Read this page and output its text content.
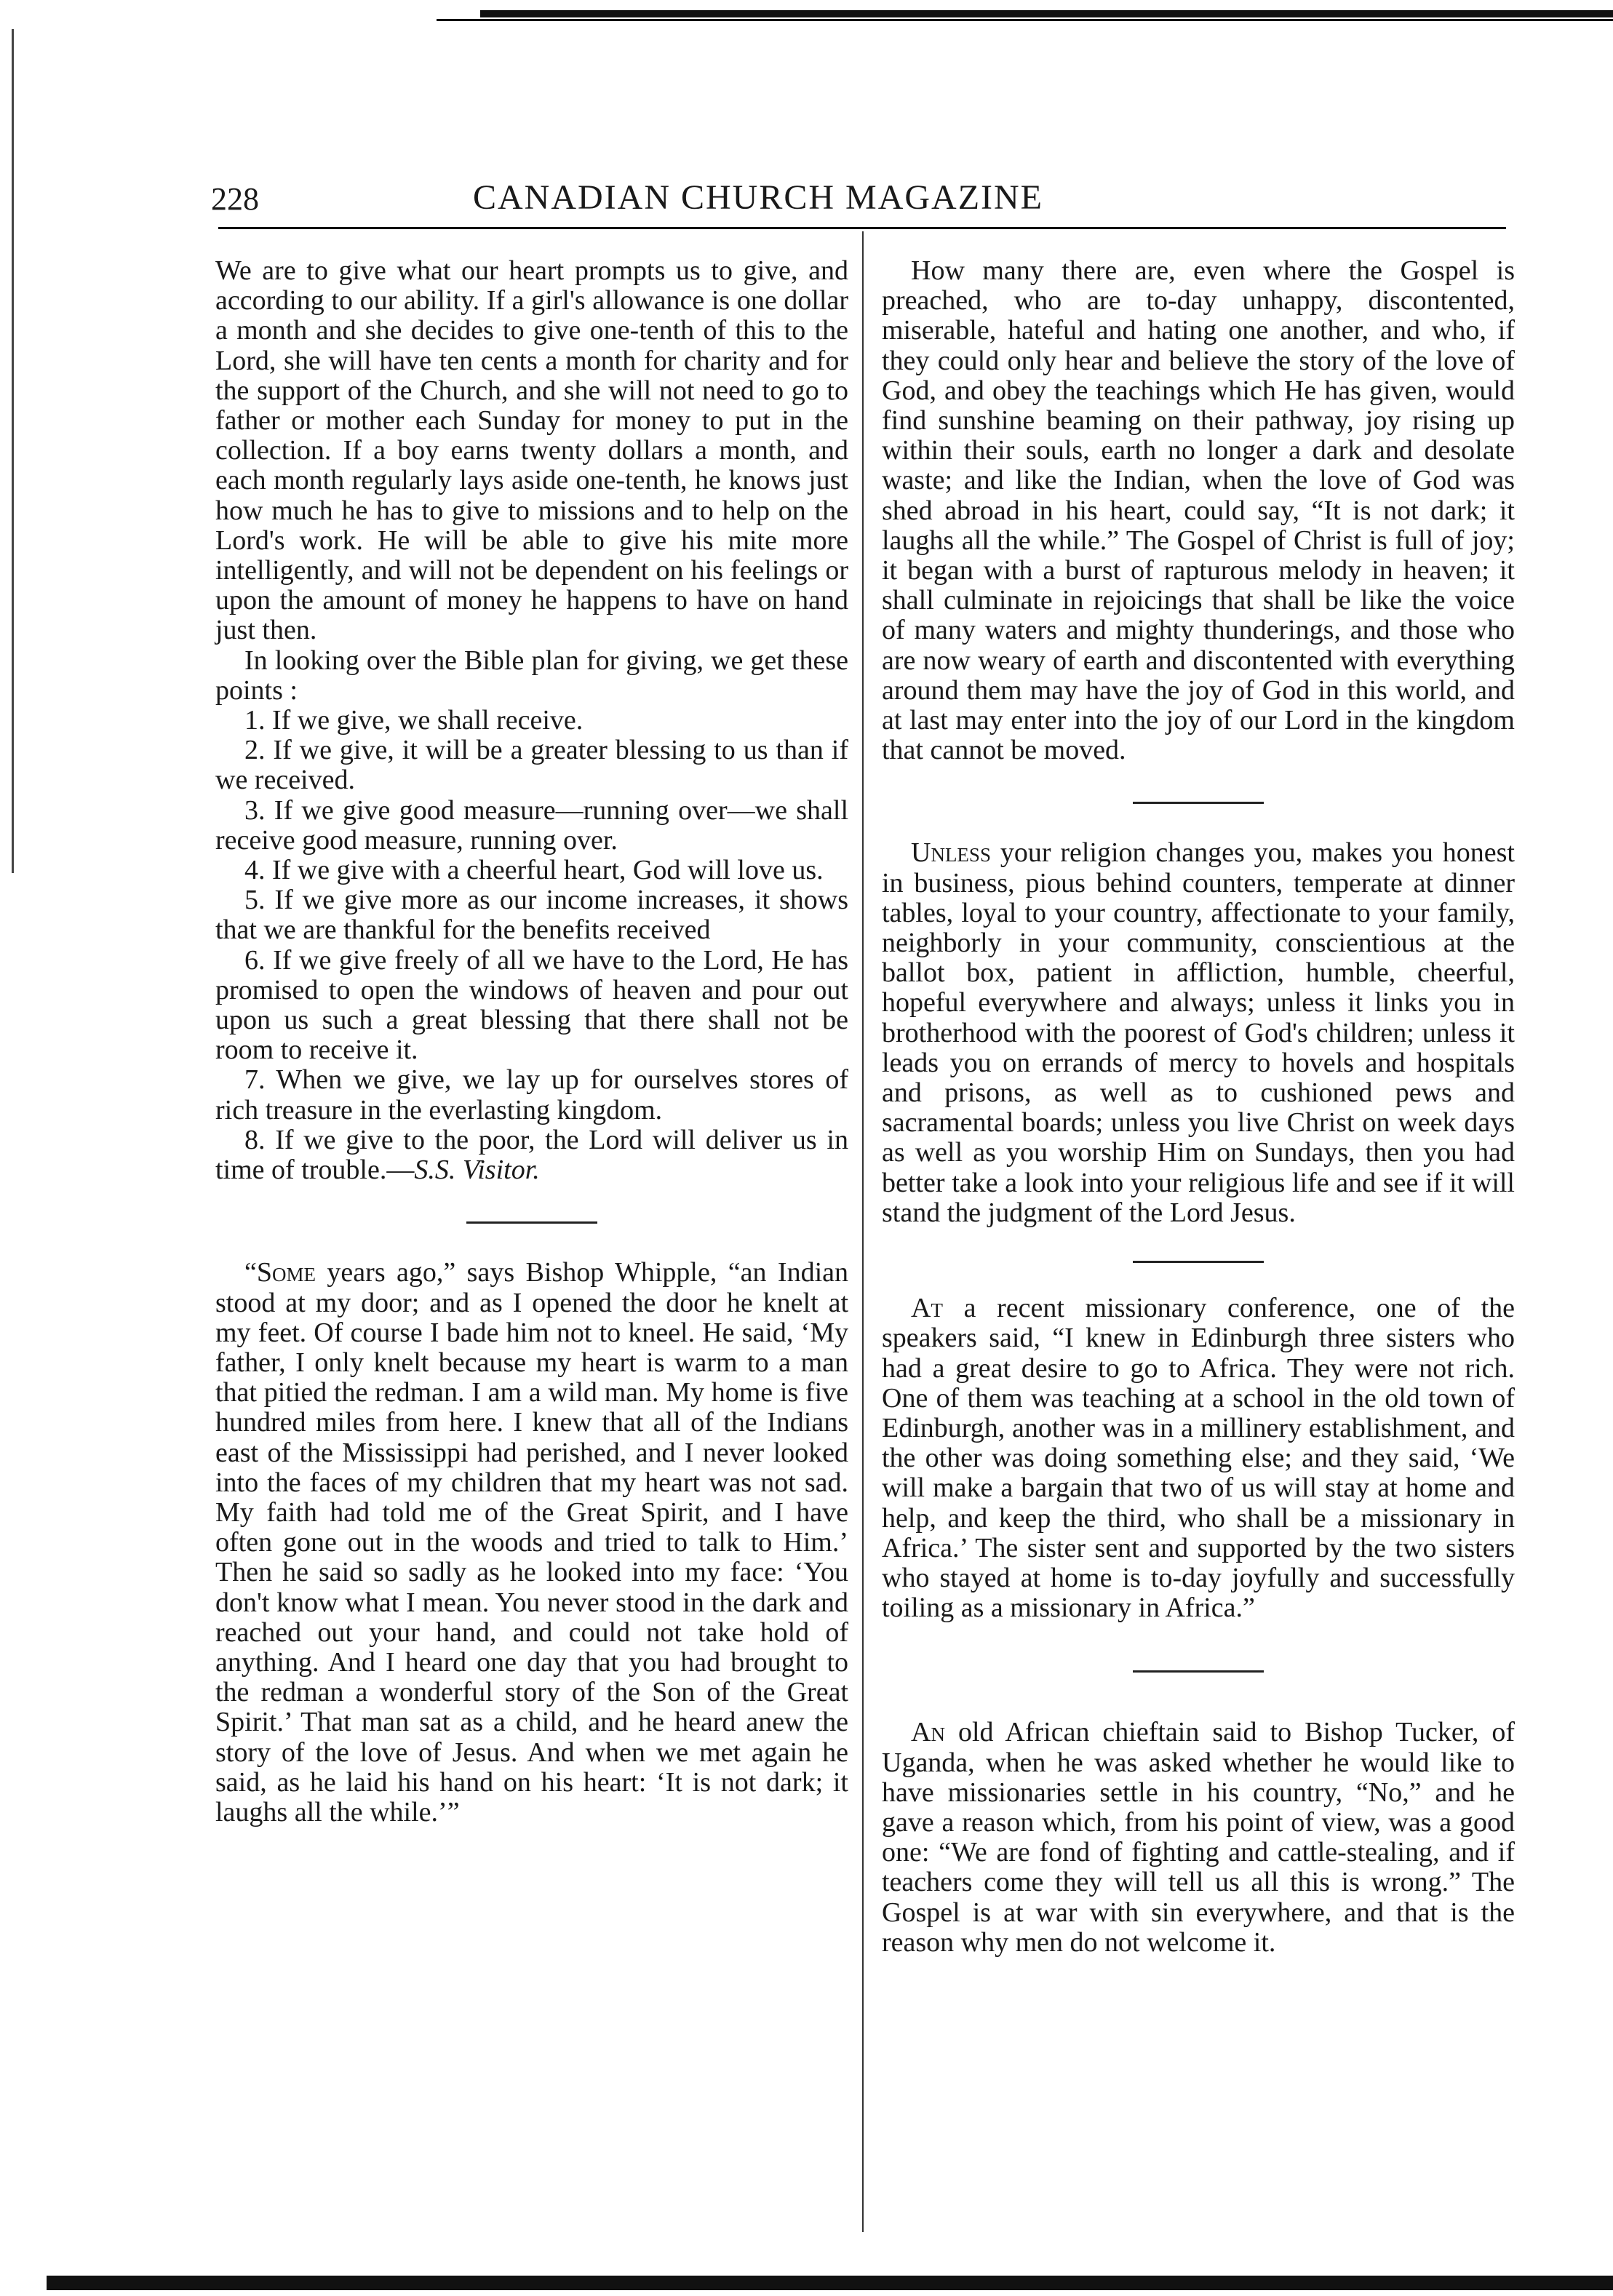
228	CANADIAN CHURCH MAGAZINE

We are to give what our heart prompts us to give, and according to our ability. If a girl's allowance is one dollar a month and she decides to give one-tenth of this to the Lord, she will have ten cents a month for charity and for the support of the Church, and she will not need to go to father or mother each Sunday for money to put in the collection. If a boy earns twenty dollars a month, and each month regularly lays aside one-tenth, he knows just how much he has to give to missions and to help on the Lord's work. He will be able to give his mite more intelligently, and will not be dependent on his feelings or upon the amount of money he happens to have on hand just then.

In looking over the Bible plan for giving, we get these points :

1. If we give, we shall receive.

2. If we give, it will be a greater blessing to us than if we received.

3. If we give good measure—running over—we shall receive good measure, running over.

4. If we give with a cheerful heart, God will love us.

5. If we give more as our income increases, it shows that we are thankful for the benefits received

6. If we give freely of all we have to the Lord, He has promised to open the windows of heaven and pour out upon us such a great blessing that there shall not be room to receive it.

7. When we give, we lay up for ourselves stores of rich treasure in the everlasting kingdom.

8. If we give to the poor, the Lord will deliver us in time of trouble.—S.S. Visitor.

“Some years ago,” says Bishop Whipple, “an Indian stood at my door; and as I opened the door he knelt at my feet. Of course I bade him not to kneel. He said, ‘My father, I only knelt because my heart is warm to a man that pitied the redman. I am a wild man. My home is five hundred miles from here. I knew that all of the Indians east of the Mississippi had perished, and I never looked into the faces of my children that my heart was not sad. My faith had told me of the Great Spirit, and I have often gone out in the woods and tried to talk to Him.’ Then he said so sadly as he looked into my face: ‘You don't know what I mean. You never stood in the dark and reached out your hand, and could not take hold of anything. And I heard one day that you had brought to the redman a wonderful story of the Son of the Great Spirit.’ That man sat as a child, and he heard anew the story of the love of Jesus. And when we met again he said, as he laid his hand on his heart: ‘It is not dark; it laughs all the while.’”

How many there are, even where the Gospel is preached, who are to-day unhappy, discontented, miserable, hateful and hating one another, and who, if they could only hear and believe the story of the love of God, and obey the teachings which He has given, would find sunshine beaming on their pathway, joy rising up within their souls, earth no longer a dark and desolate waste; and like the Indian, when the love of God was shed abroad in his heart, could say, “It is not dark; it laughs all the while.” The Gospel of Christ is full of joy; it began with a burst of rapturous melody in heaven; it shall culminate in rejoicings that shall be like the voice of many waters and mighty thunderings, and those who are now weary of earth and discontented with everything around them may have the joy of God in this world, and at last may enter into the joy of our Lord in the kingdom that cannot be moved.

Unless your religion changes you, makes you honest in business, pious behind counters, temperate at dinner tables, loyal to your country, affectionate to your family, neighborly in your community, conscientious at the ballot box, patient in affliction, humble, cheerful, hopeful everywhere and always; unless it links you in brotherhood with the poorest of God's children; unless it leads you on errands of mercy to hovels and hospitals and prisons, as well as to cushioned pews and sacramental boards; unless you live Christ on week days as well as you worship Him on Sundays, then you had better take a look into your religious life and see if it will stand the judgment of the Lord Jesus.

At a recent missionary conference, one of the speakers said, “I knew in Edinburgh three sisters who had a great desire to go to Africa. They were not rich. One of them was teaching at a school in the old town of Edinburgh, another was in a millinery establishment, and the other was doing something else; and they said, ‘We will make a bargain that two of us will stay at home and help, and keep the third, who shall be a missionary in Africa.’ The sister sent and supported by the two sisters who stayed at home is to-day joyfully and successfully toiling as a missionary in Africa.”

An old African chieftain said to Bishop Tucker, of Uganda, when he was asked whether he would like to have missionaries settle in his country, “No,” and he gave a reason which, from his point of view, was a good one: “We are fond of fighting and cattle-stealing, and if teachers come they will tell us all this is wrong.” The Gospel is at war with sin everywhere, and that is the reason why men do not welcome it.
